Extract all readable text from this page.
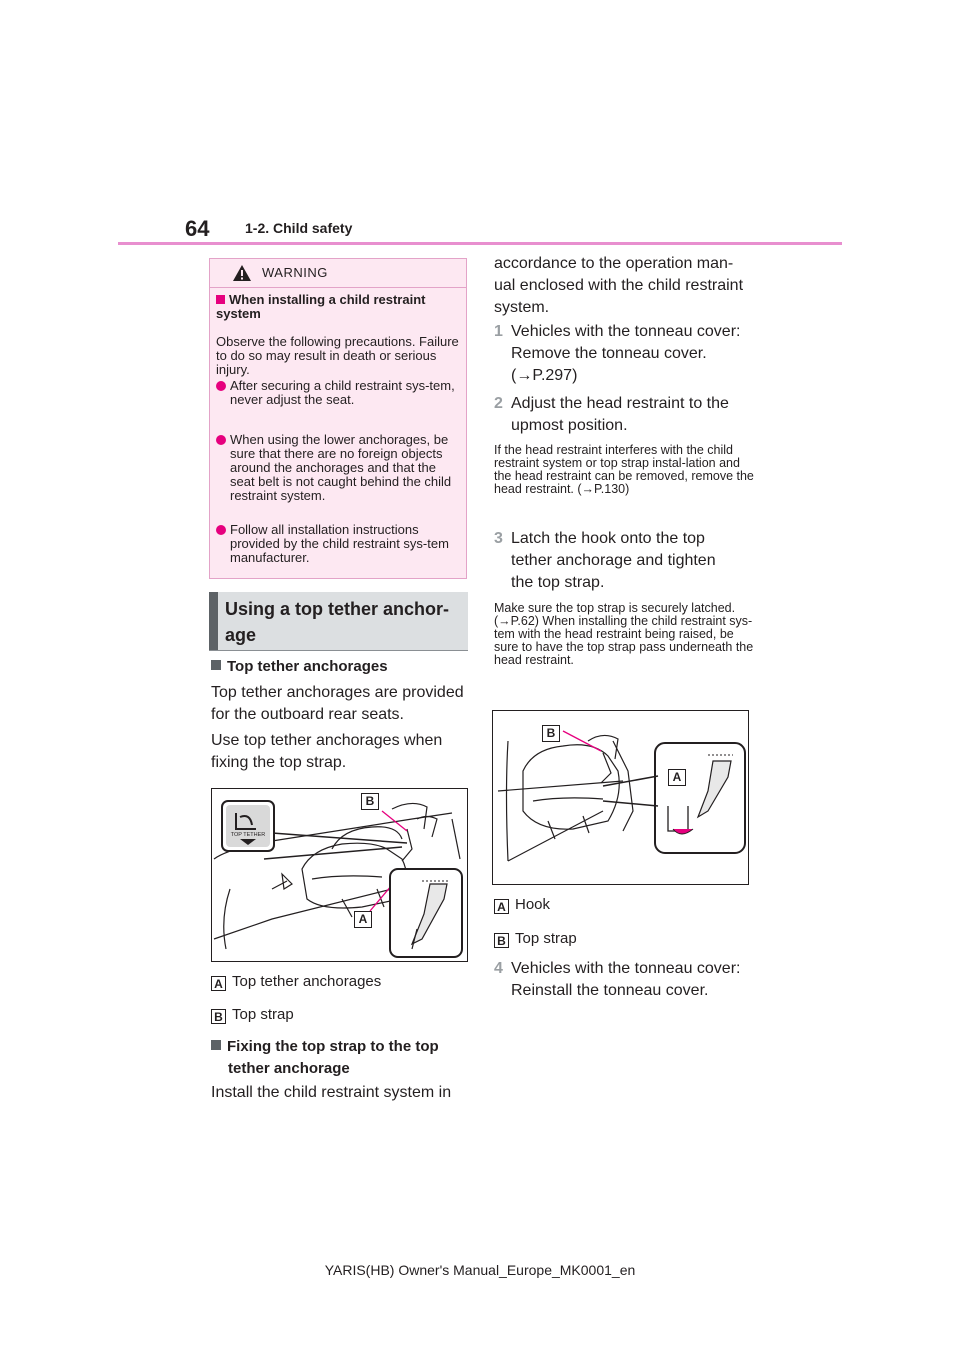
64	1-2. Child safety
WARNING
When installing a child restraint system
Observe the following precautions. Failure to do so may result in death or serious injury.
After securing a child restraint sys-tem, never adjust the seat.
When using the lower anchorages, be sure that there are no foreign objects around the anchorages and that the seat belt is not caught behind the child restraint system.
Follow all installation instructions provided by the child restraint sys-tem manufacturer.
Using a top tether anchor-age
Top tether anchorages
Top tether anchorages are provided for the outboard rear seats.
Use top tether anchorages when fixing the top strap.
TOP TETHER
B
A
A Top tether anchorages
B Top strap
Fixing the top strap to the top
tether anchorage
Install the child restraint system in
accordance to the operation man-ual enclosed with the child restraint system.
1 Vehicles with the tonneau cover:
Remove the tonneau cover.
(→P.297)
2 Adjust the head restraint to the
upmost position.
If the head restraint interferes with the child restraint system or top strap instal-lation and the head restraint can be removed, remove the head restraint. (→P.130)
3 Latch the hook onto the top
tether anchorage and tighten
the top strap.
Make sure the top strap is securely latched. (→P.62) When installing the child restraint sys-tem with the head restraint being raised, be sure to have the top strap pass underneath the head restraint.
B
A
A Hook
B Top strap
4 Vehicles with the tonneau cover:
Reinstall the tonneau cover.
YARIS(HB) Owner's Manual_Europe_MK0001_en
